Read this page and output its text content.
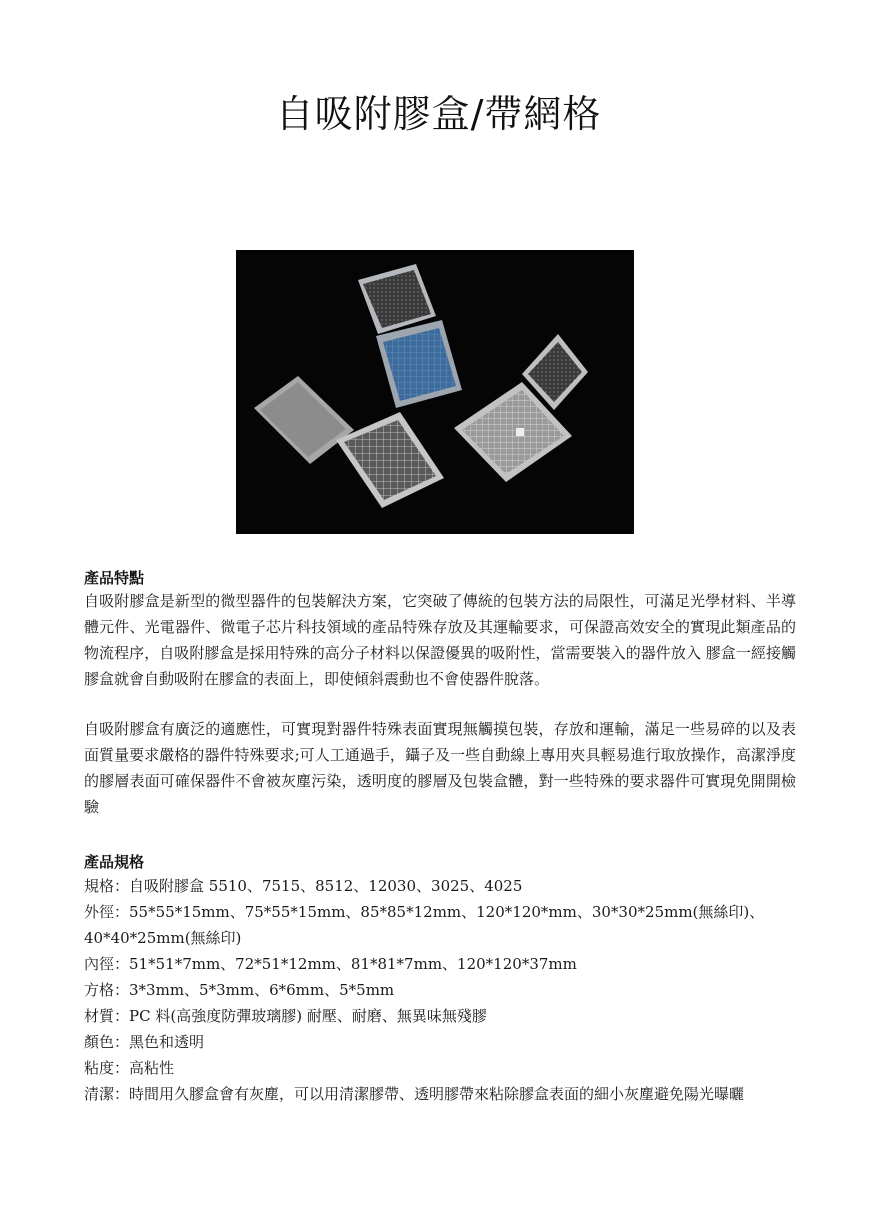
自吸附膠盒/帶網格
產品特點

自吸附膠盒是新型的微型器件的包裝解決方案，它突破了傳統的包裝方法的局限性，可滿足光學材料、半導體元件、光電器件、微電子芯片科技領域的產品特殊存放及其運輸要求，可保證高效安全的實現此類產品的物流程序，自吸附膠盒是採用特殊的高分子材料以保證優異的吸附性，當需要裝入的器件放入 膠盒一經接觸膠盒就會自動吸附在膠盒的表面上，即使傾斜震動也不會使器件脫落。

自吸附膠盒有廣泛的適應性，可實現對器件特殊表面實現無觸摸包裝，存放和運輸，滿足一些易碎的以及表面質量要求嚴格的器件特殊要求;可人工通過手，鑷子及一些自動線上專用夾具輕易進行取放操作，高潔淨度的膠層表面可確保器件不會被灰塵污染，透明度的膠層及包裝盒體，對一些特殊的要求器件可實現免開開檢驗

產品規格
規格：自吸附膠盒 5510、7515、8512、12030、3025、4025
外徑：55*55*15mm、75*55*15mm、85*85*12mm、120*120*mm、30*30*25mm(無絲印)、40*40*25mm(無絲印)
內徑：51*51*7mm、72*51*12mm、81*81*7mm、120*120*37mm
方格：3*3mm、5*3mm、6*6mm、5*5mm
材質：PC 料(高強度防彈玻璃膠) 耐壓、耐磨、無異味無殘膠
顏色：黑色和透明
粘度：高粘性
清潔：時間用久膠盒會有灰塵，可以用清潔膠帶、透明膠帶來粘除膠盒表面的細小灰塵避免陽光曝曬
